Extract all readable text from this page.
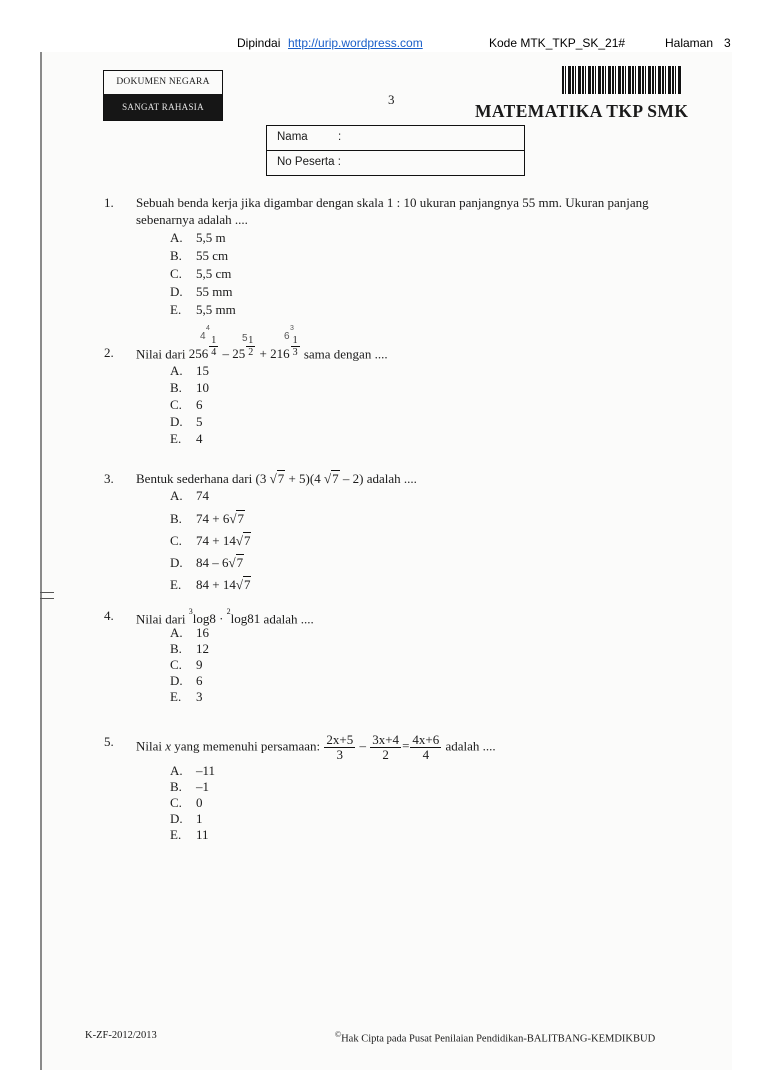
Dipindai http://urip.wordpress.com	Kode MTK_TKP_SK_21#	Halaman 3
DOKUMEN NEGARA
SANGAT RAHASIA	3
MATEMATIKA TKP SMK
Nama	:
No Peserta :
1.	Sebuah benda kerja jika digambar dengan skala 1 : 10 ukuran panjangnya 55 mm. Ukuran panjang sebenarnya adalah ....
A. 5,5 m
B. 55 cm
C. 5,5 cm
D. 55 mm
E. 5,5 mm
4
4
5	6
3
2.	Nilai dari $256 \frac{1}{4} - 25 \frac{1}{2} + 216 \frac{1}{3}$ sama dengan ....
A. 15
B. 10
C. 6
D. 5
E. 4
3.	Bentuk sederhana dari (3 √7 + 5)(4 √7 – 2) adalah ....
A. 74
B. 74 + 6√7
C. 74 + 14√7
D. 84 – 6√7
E. 84 + 14√7
4.	Nilai dari $^3$log8 · $^2$log81 adalah ....
A. 16
B. 12
C. 9
D. 6
E. 3
5.	Nilai x yang memenuhi persamaan: $\frac{2x+5}{3} - \frac{3x+4}{2} = \frac{4x+6}{4}$ adalah ....
A. –11
B. –1
C. 0
D. 1
E. 11
K-ZF-2012/2013	©Hak Cipta pada Pusat Penilaian Pendidikan-BALITBANG-KEMDIKBUD
